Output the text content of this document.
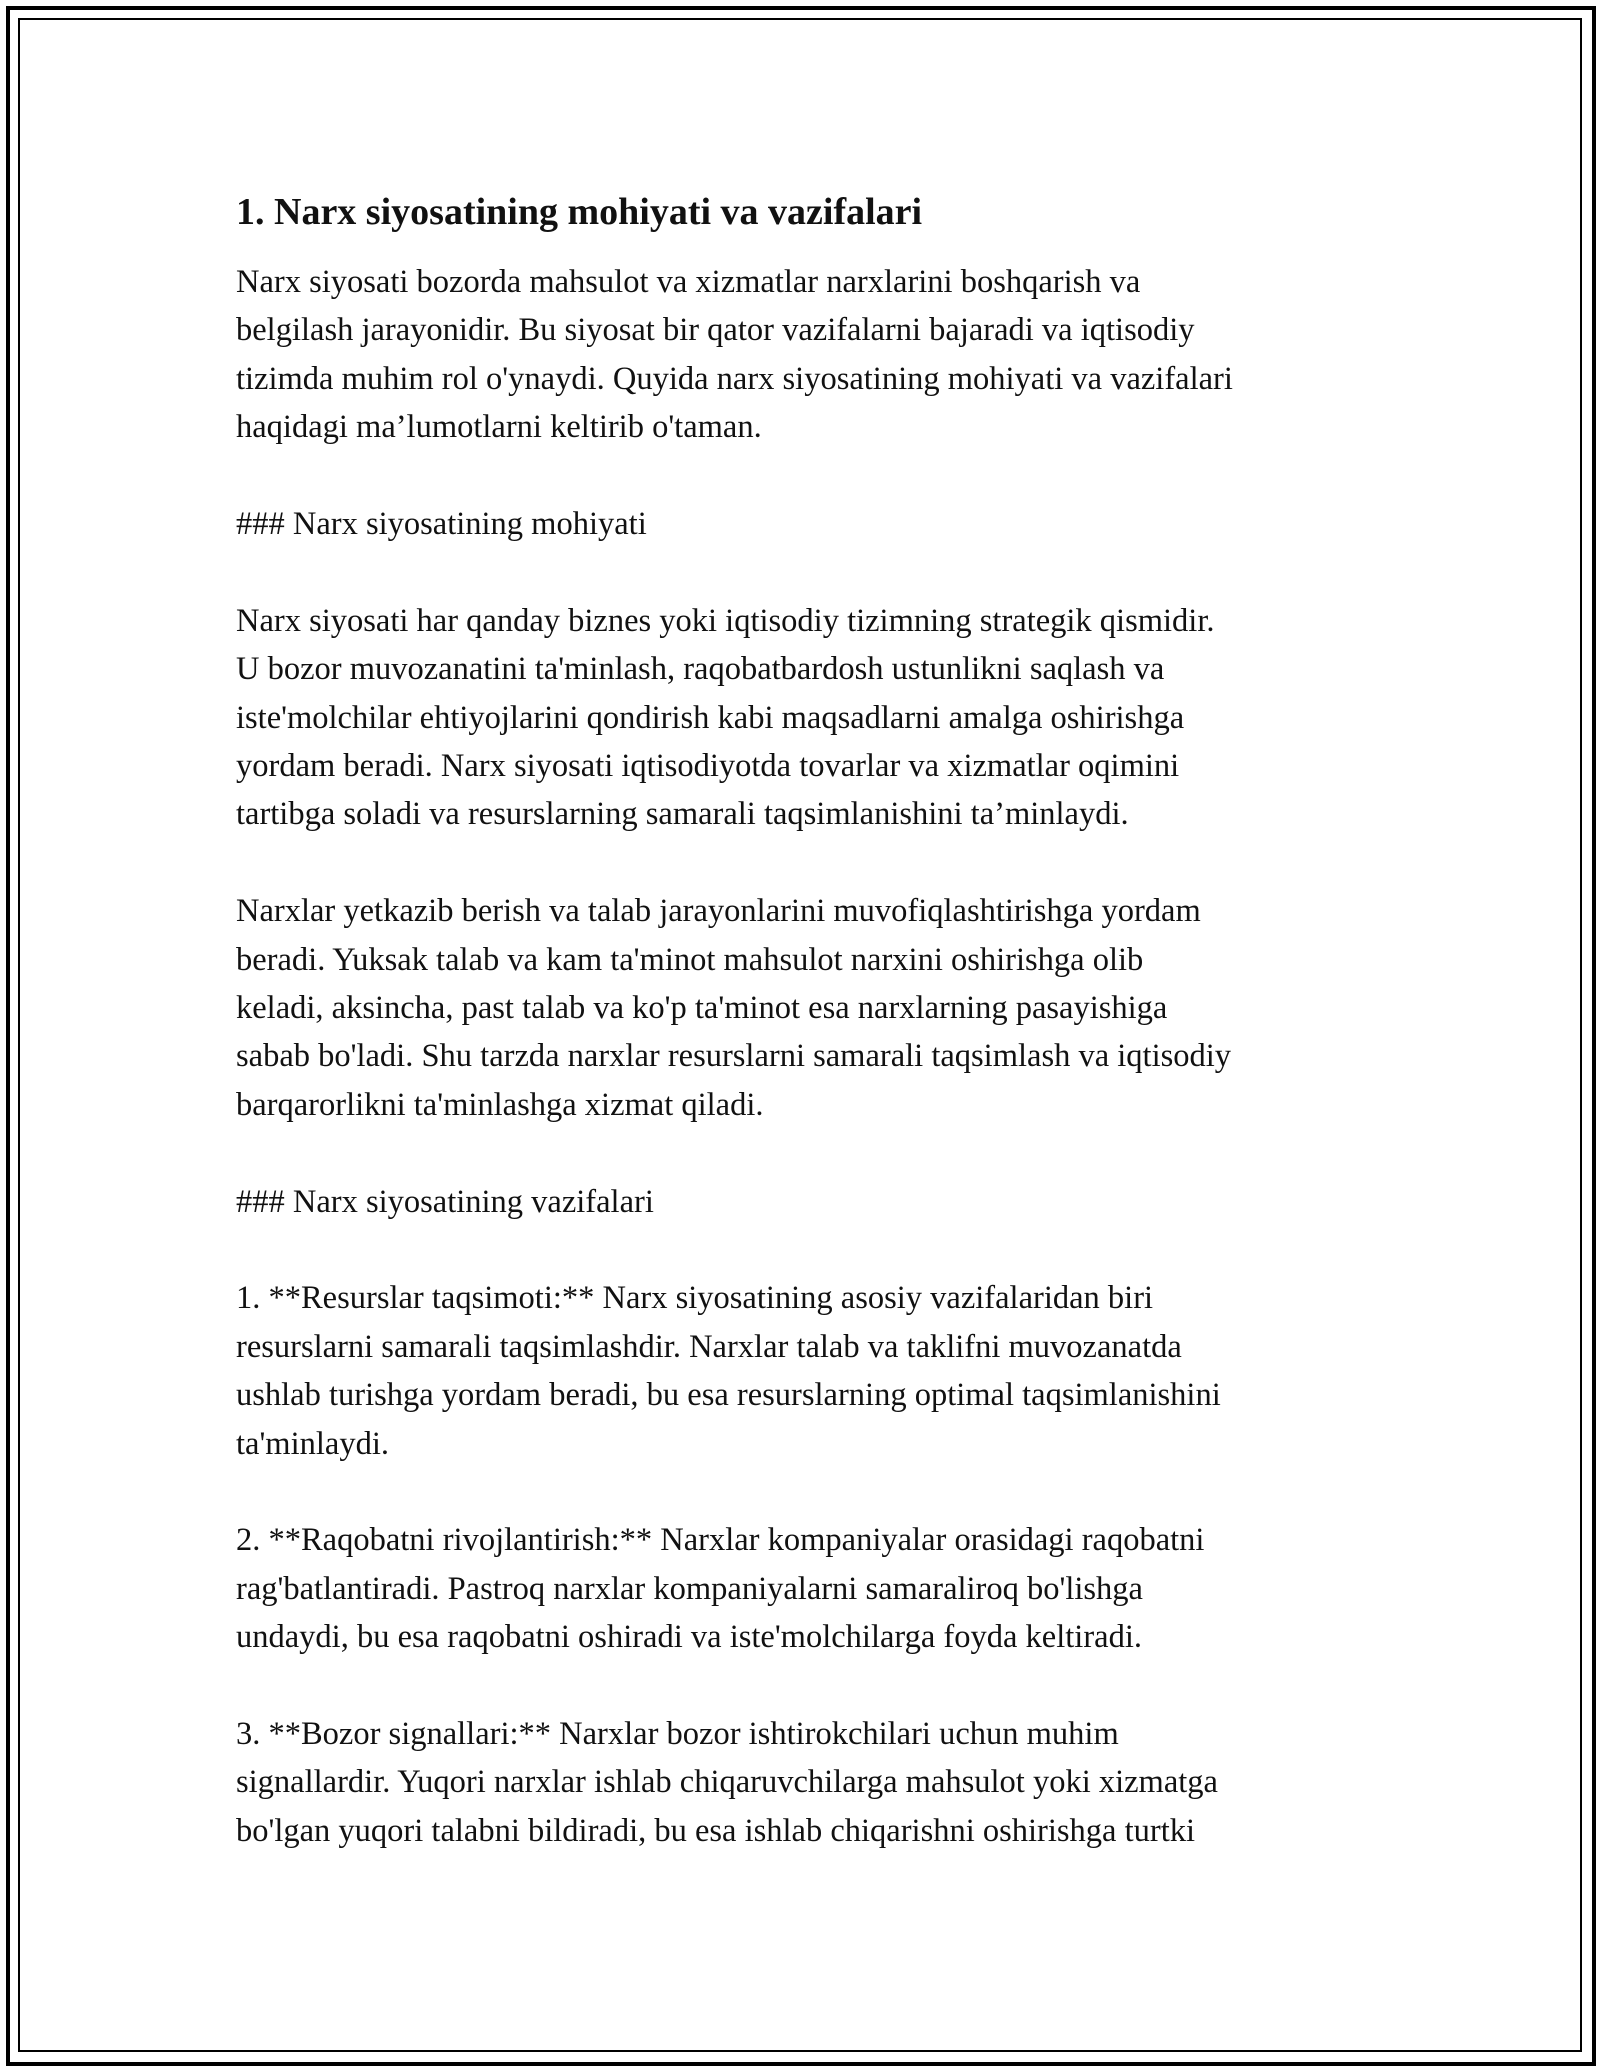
1. Narx siyosatining mohiyati va vazifalari

Narx siyosati bozorda mahsulot va xizmatlar narxlarini boshqarish va
belgilash jarayonidir. Bu siyosat bir qator vazifalarni bajaradi va iqtisodiy
tizimda muhim rol o'ynaydi. Quyida narx siyosatining mohiyati va vazifalari
haqidagi ma’lumotlarni keltirib o'taman.

### Narx siyosatining mohiyati

Narx siyosati har qanday biznes yoki iqtisodiy tizimning strategik qismidir.
U bozor muvozanatini ta'minlash, raqobatbardosh ustunlikni saqlash va
iste'molchilar ehtiyojlarini qondirish kabi maqsadlarni amalga oshirishga
yordam beradi. Narx siyosati iqtisodiyotda tovarlar va xizmatlar oqimini
tartibga soladi va resurslarning samarali taqsimlanishini ta’minlaydi.

Narxlar yetkazib berish va talab jarayonlarini muvofiqlashtirishga yordam
beradi. Yuksak talab va kam ta'minot mahsulot narxini oshirishga olib
keladi, aksincha, past talab va ko'p ta'minot esa narxlarning pasayishiga
sabab bo'ladi. Shu tarzda narxlar resurslarni samarali taqsimlash va iqtisodiy
barqarorlikni ta'minlashga xizmat qiladi.

### Narx siyosatining vazifalari

1. **Resurslar taqsimoti:** Narx siyosatining asosiy vazifalaridan biri
resurslarni samarali taqsimlashdir. Narxlar talab va taklifni muvozanatda
ushlab turishga yordam beradi, bu esa resurslarning optimal taqsimlanishini
ta'minlaydi.

2. **Raqobatni rivojlantirish:** Narxlar kompaniyalar orasidagi raqobatni
rag'batlantiradi. Pastroq narxlar kompaniyalarni samaraliroq bo'lishga
undaydi, bu esa raqobatni oshiradi va iste'molchilarga foyda keltiradi.

3. **Bozor signallari:** Narxlar bozor ishtirokchilari uchun muhim
signallardir. Yuqori narxlar ishlab chiqaruvchilarga mahsulot yoki xizmatga
bo'lgan yuqori talabni bildiradi, bu esa ishlab chiqarishni oshirishga turtki
